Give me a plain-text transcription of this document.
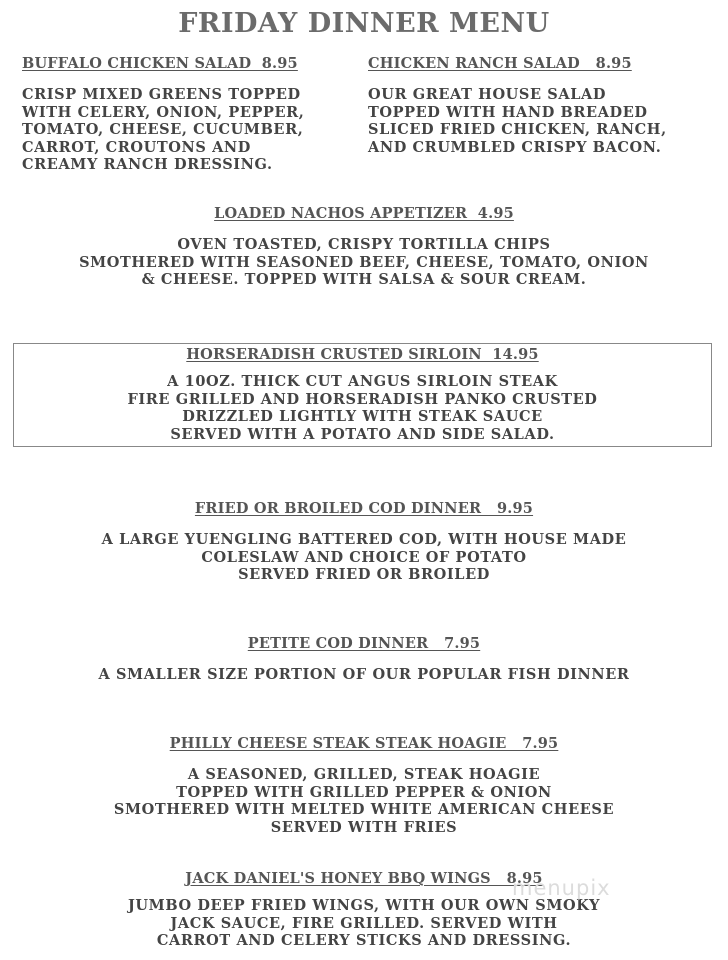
FRIDAY DINNER MENU
BUFFALO CHICKEN SALAD  8.95
CRISP MIXED GREENS TOPPED
WITH CELERY, ONION, PEPPER,
TOMATO, CHEESE, CUCUMBER,
CARROT, CROUTONS AND
CREAMY RANCH DRESSING.
CHICKEN RANCH SALAD   8.95
OUR GREAT HOUSE SALAD
TOPPED WITH HAND BREADED
SLICED FRIED CHICKEN, RANCH,
AND CRUMBLED CRISPY BACON.
LOADED NACHOS APPETIZER  4.95
OVEN TOASTED, CRISPY TORTILLA CHIPS
SMOTHERED WITH SEASONED BEEF, CHEESE, TOMATO, ONION
& CHEESE. TOPPED WITH SALSA & SOUR CREAM.
HORSERADISH CRUSTED SIRLOIN  14.95
A 10OZ. THICK CUT ANGUS SIRLOIN STEAK
FIRE GRILLED AND HORSERADISH PANKO CRUSTED
DRIZZLED LIGHTLY WITH STEAK SAUCE
SERVED WITH A POTATO AND SIDE SALAD.
FRIED OR BROILED COD DINNER   9.95
A LARGE YUENGLING BATTERED COD, WITH HOUSE MADE
COLESLAW AND CHOICE OF POTATO
SERVED FRIED OR BROILED
PETITE COD DINNER   7.95
A SMALLER SIZE PORTION OF OUR POPULAR FISH DINNER
PHILLY CHEESE STEAK STEAK HOAGIE   7.95
A SEASONED, GRILLED, STEAK HOAGIE
TOPPED WITH GRILLED PEPPER & ONION
SMOTHERED WITH MELTED WHITE AMERICAN CHEESE
SERVED WITH FRIES
JACK DANIEL'S HONEY BBQ WINGS   8.95
JUMBO DEEP FRIED WINGS, WITH OUR OWN SMOKY
JACK SAUCE, FIRE GRILLED. SERVED WITH
CARROT AND CELERY STICKS AND DRESSING.
menupix
